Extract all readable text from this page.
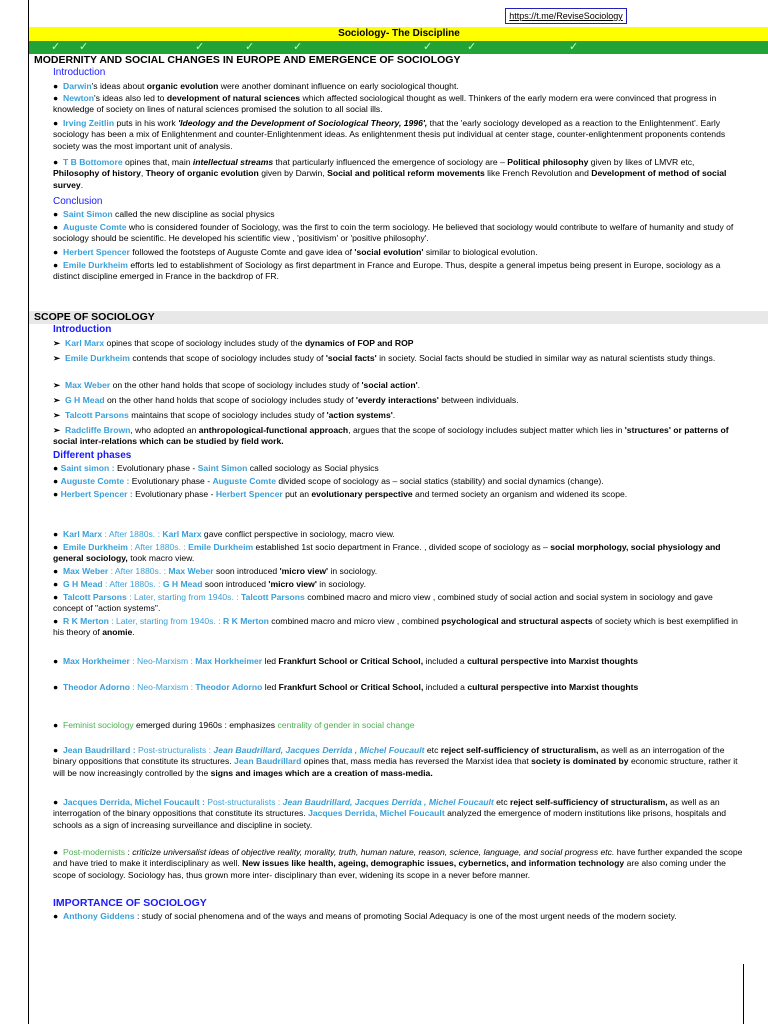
https://t.me/ReviseSociology
Sociology- The Discipline
✓ ✓	✓	✓	✓	✓	✓	✓
MODERNITY AND SOCIAL CHANGES IN EUROPE AND EMERGENCE OF SOCIOLOGY
Introduction
● Darwin's ideas about organic evolution were another dominant influence on early sociological thought.
● Newton's ideas also led to development of natural sciences which affected sociological thought as well. Thinkers of the early modern era were convinced that progress in knowledge of society on lines of natural sciences promised the solution to all social ills.
● Irving Zeitlin puts in his work 'Ideology and the Development of Sociological Theory, 1996', that the 'early sociology developed as a reaction to the Enlightenment'. Early sociology has been a mix of Enlightenment and counter-Enlightenment ideas. As enlightenment thesis put individual at center stage, counter-enlightenment proponents contends society was the most important unit of analysis.
● T B Bottomore opines that, main intellectual streams that particularly influenced the emergence of sociology are – Political philosophy given by likes of LMVR etc, Philosophy of history, Theory of organic evolution given by Darwin, Social and political reform movements like French Revolution and Development of method of social survey.
Conclusion
● Saint Simon called the new discipline as social physics
● Auguste Comte who is considered founder of Sociology, was the first to coin the term sociology. He believed that sociology would contribute to welfare of humanity and study of sociology should be scientific. He developed his scientific view , 'positivism' or 'positive philosophy'.
● Herbert Spencer followed the footsteps of Auguste Comte and gave idea of 'social evolution' similar to biological evolution.
● Emile Durkheim efforts led to establishment of Sociology as first department in France and Europe. Thus, despite a general impetus being present in Europe, sociology as a distinct discipline emerged in France in the backdrop of FR.
SCOPE OF SOCIOLOGY
Introduction
➢ Karl Marx opines that scope of sociology includes study of the dynamics of FOP and ROP
➢ Emile Durkheim contends that scope of sociology includes study of 'social facts' in society. Social facts should be studied in similar way as natural scientists study things.
➢ Max Weber on the other hand holds that scope of sociology includes study of 'social action'.
➢ G H Mead on the other hand holds that scope of sociology includes study of 'everdy interactions' between individuals.
➢ Talcott Parsons maintains that scope of sociology includes study of 'action systems'.
➢ Radcliffe Brown, who adopted an anthropological-functional approach, argues that the scope of sociology includes subject matter which lies in 'structures' or patterns of social inter-relations which can be studied by field work.
Different phases
● Saint simon : Evolutionary phase - Saint Simon called sociology as Social physics
● Auguste Comte : Evolutionary phase - Auguste Comte divided scope of sociology as – social statics (stability) and social dynamics (change).
● Herbert Spencer : Evolutionary phase - Herbert Spencer put an evolutionary perspective and termed society an organism and widened its scope.
● Karl Marx : After 1880s. : Karl Marx gave conflict perspective in sociology, macro view.
● Emile Durkheim : After 1880s. : Emile Durkheim established 1st socio department in France. , divided scope of sociology as – social morphology, social physiology and general sociology, took macro view.
● Max Weber : After 1880s. : Max Weber soon introduced 'micro view' in sociology.
● G H Mead : After 1880s. : G H Mead soon introduced 'micro view' in sociology.
● Talcott Parsons : Later, starting from 1940s. : Talcott Parsons combined macro and micro view , combined study of social action and social system in sociology and gave concept of "action systems".
● R K Merton : Later, starting from 1940s. : R K Merton combined macro and micro view , combined psychological and structural aspects of society which is best exemplified in his theory of anomie.
● Max Horkheimer : Neo-Marxism : Max Horkheimer led Frankfurt School or Critical School, included a cultural perspective into Marxist thoughts
● Theodor Adorno : Neo-Marxism : Theodor Adorno led Frankfurt School or Critical School, included a cultural perspective into Marxist thoughts
● Feminist sociology emerged during 1960s : emphasizes centrality of gender in social change
● Jean Baudrillard : Post-structuralists : Jean Baudrillard, Jacques Derrida , Michel Foucault etc reject self-sufficiency of structuralism, as well as an interrogation of the binary oppositions that constitute its structures. Jean Baudrillard opines that, mass media has reversed the Marxist idea that society is dominated by economic structure, rather it will be now increasingly controlled by the signs and images which are a creation of mass-media.
● Jacques Derrida, Michel Foucault : Post-structuralists : Jean Baudrillard, Jacques Derrida , Michel Foucault etc reject self-sufficiency of structuralism, as well as an interrogation of the binary oppositions that constitute its structures. Jacques Derrida, Michel Foucault analyzed the emergence of modern institutions like prisons, hospitals and schools as a sign of increasing surveillance and discipline in society.
● Post-modernists : criticize universalist ideas of objective reality, morality, truth, human nature, reason, science, language, and social progress etc. have further expanded the scope and have tried to make it interdisciplinary as well. New issues like health, ageing, demographic issues, cybernetics, and information technology are also coming under the scope of sociology. Sociology has, thus grown more inter- disciplinary than ever, widening its scope in a never before manner.
IMPORTANCE OF SOCIOLOGY
● Anthony Giddens : study of social phenomena and of the ways and means of promoting Social Adequacy is one of the most urgent needs of the modern society.
